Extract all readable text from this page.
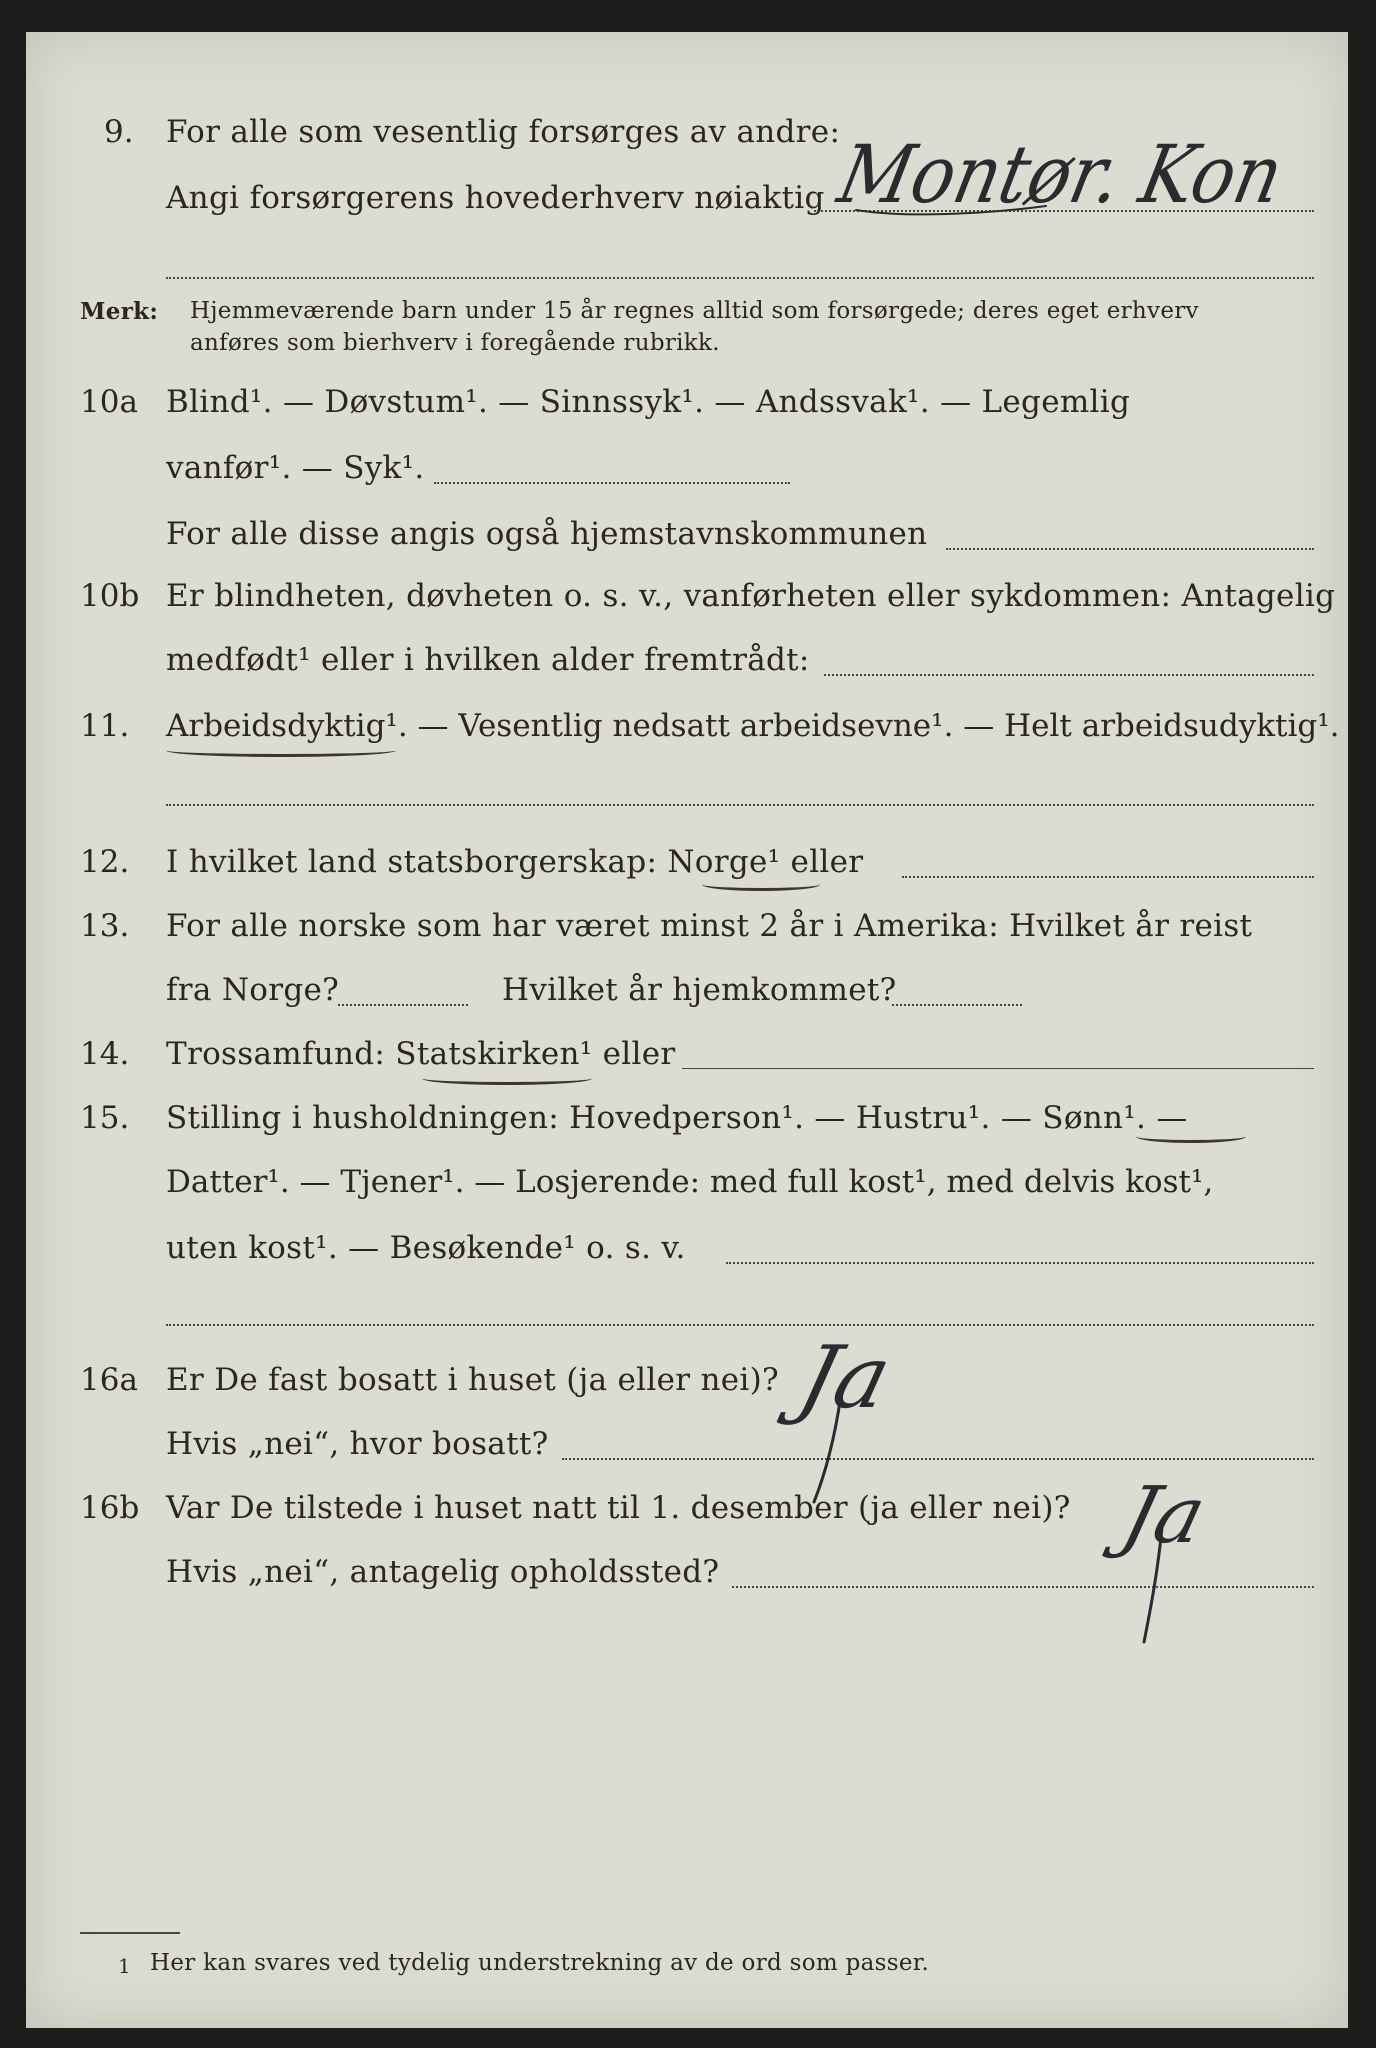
9. For alle som vesentlig forsørges av andre:
Angi forsørgerens hovederhverv nøiaktig Montør. Kon
Merk: Hjemmeværende barn under 15 år regnes alltid som forsørgede; deres eget erhverv
anføres som bierhverv i foregående rubrikk.
10a Blind¹. — Døvstum¹. — Sinnssyk¹. — Andssvak¹. — Legemlig
vanfør¹. — Syk¹.
For alle disse angis også hjemstavnskommunen
10b Er blindheten, døvheten o. s. v., vanførheten eller sykdommen: Antagelig
medfødt¹ eller i hvilken alder fremtrådt:
11. Arbeidsdyktig¹. — Vesentlig nedsatt arbeidsevne¹. — Helt arbeidsudyktig¹.
12. I hvilket land statsborgerskap: Norge¹ eller
13. For alle norske som har været minst 2 år i Amerika: Hvilket år reist
fra Norge?	Hvilket år hjemkommet?
14. Trossamfund: Statskirken¹ eller
15. Stilling i husholdningen: Hovedperson¹. — Hustru¹. — Sønn¹. —
Datter¹. — Tjener¹. — Losjerende: med full kost¹, med delvis kost¹,
uten kost¹. — Besøkende¹ o. s. v.
16a Er De fast bosatt i huset (ja eller nei)?
Hvis „nei“, hvor bosatt?
Ja
16b Var De tilstede i huset natt til 1. desember (ja eller nei)?
Hvis „nei“, antagelig opholdssted?
Ja
1 Her kan svares ved tydelig understrekning av de ord som passer.
